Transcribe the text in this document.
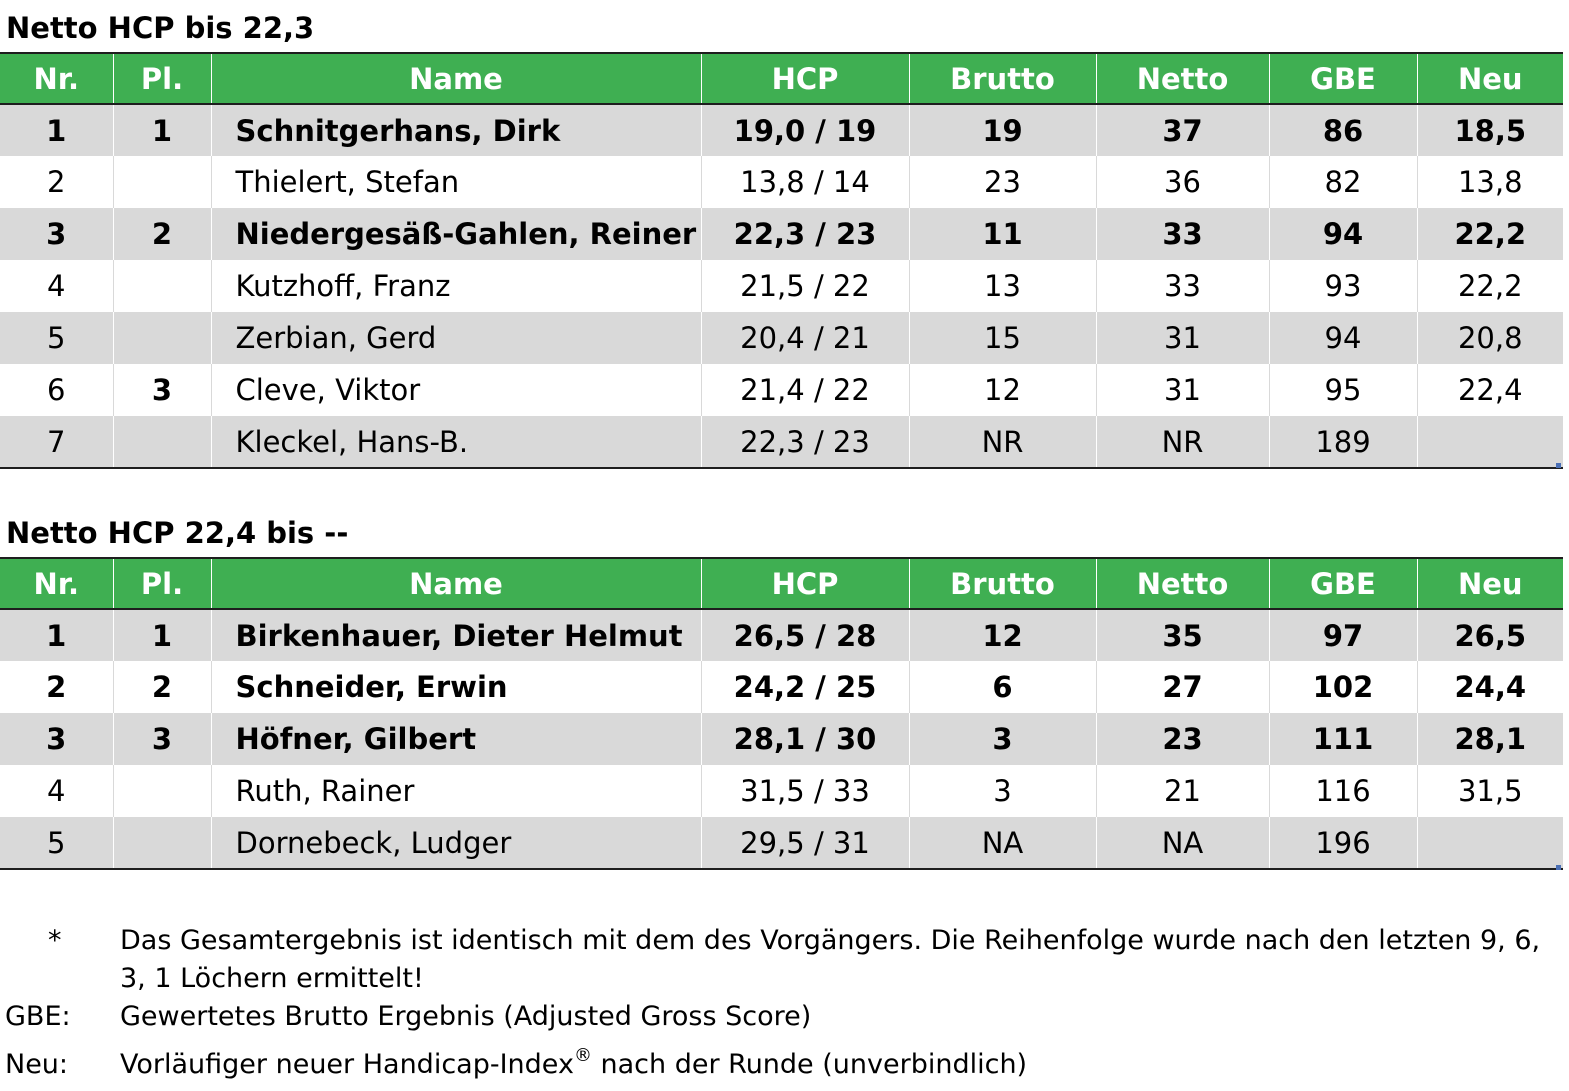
Netto HCP bis 22,3
Nr.	Pl.	Name	HCP	Brutto	Netto	GBE	Neu
1	1	Schnitgerhans, Dirk	19,0 / 19	19	37	86	18,5
2		Thielert, Stefan	13,8 / 14	23	36	82	13,8
3	2	Niedergesäß-Gahlen, Reiner	22,3 / 23	11	33	94	22,2
4		Kutzhoff, Franz	21,5 / 22	13	33	93	22,2
5		Zerbian, Gerd	20,4 / 21	15	31	94	20,8
6	3	Cleve, Viktor	21,4 / 22	12	31	95	22,4
7		Kleckel, Hans-B.	22,3 / 23	NR	NR	189	
Netto HCP 22,4 bis --
Nr.	Pl.	Name	HCP	Brutto	Netto	GBE	Neu
1	1	Birkenhauer, Dieter Helmut	26,5 / 28	12	35	97	26,5
2	2	Schneider, Erwin	24,2 / 25	6	27	102	24,4
3	3	Höfner, Gilbert	28,1 / 30	3	23	111	28,1
4		Ruth, Rainer	31,5 / 33	3	21	116	31,5
5		Dornebeck, Ludger	29,5 / 31	NA	NA	196	
* Das Gesamtergebnis ist identisch mit dem des Vorgängers. Die Reihenfolge wurde nach den letzten 9, 6, 3, 1 Löchern ermittelt!
GBE: Gewertetes Brutto Ergebnis (Adjusted Gross Score)
Neu: Vorläufiger neuer Handicap-Index® nach der Runde (unverbindlich)
